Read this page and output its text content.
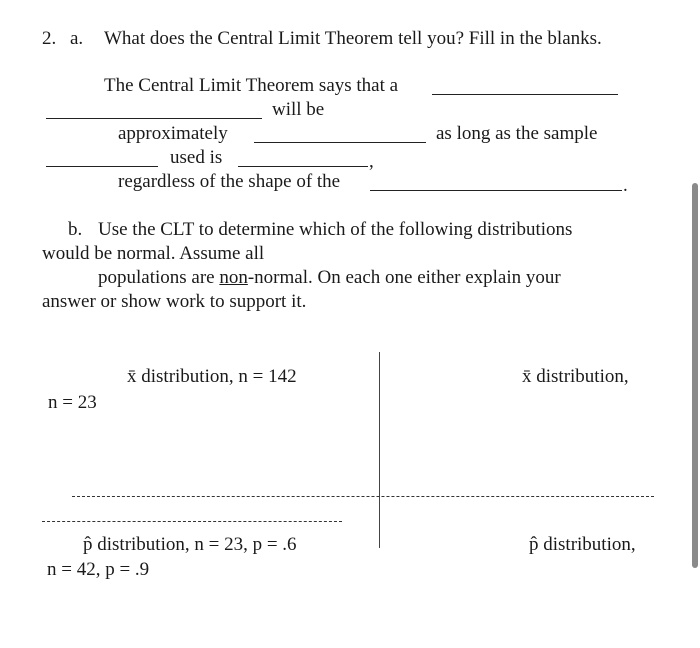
2. a. What does the Central Limit Theorem tell you? Fill in the blanks.
The Central Limit Theorem says that a
will be
approximately	as long as the sample
used is	,
regardless of the shape of the	.
b. Use the CLT to determine which of the following distributions
would be normal. Assume all
populations are non-normal. On each one either explain your
answer or show work to support it.
x̄ distribution, n = 142	x̄ distribution,
n = 23
p̂ distribution, n = 23, p = .6	p̂ distribution,
n = 42, p = .9
